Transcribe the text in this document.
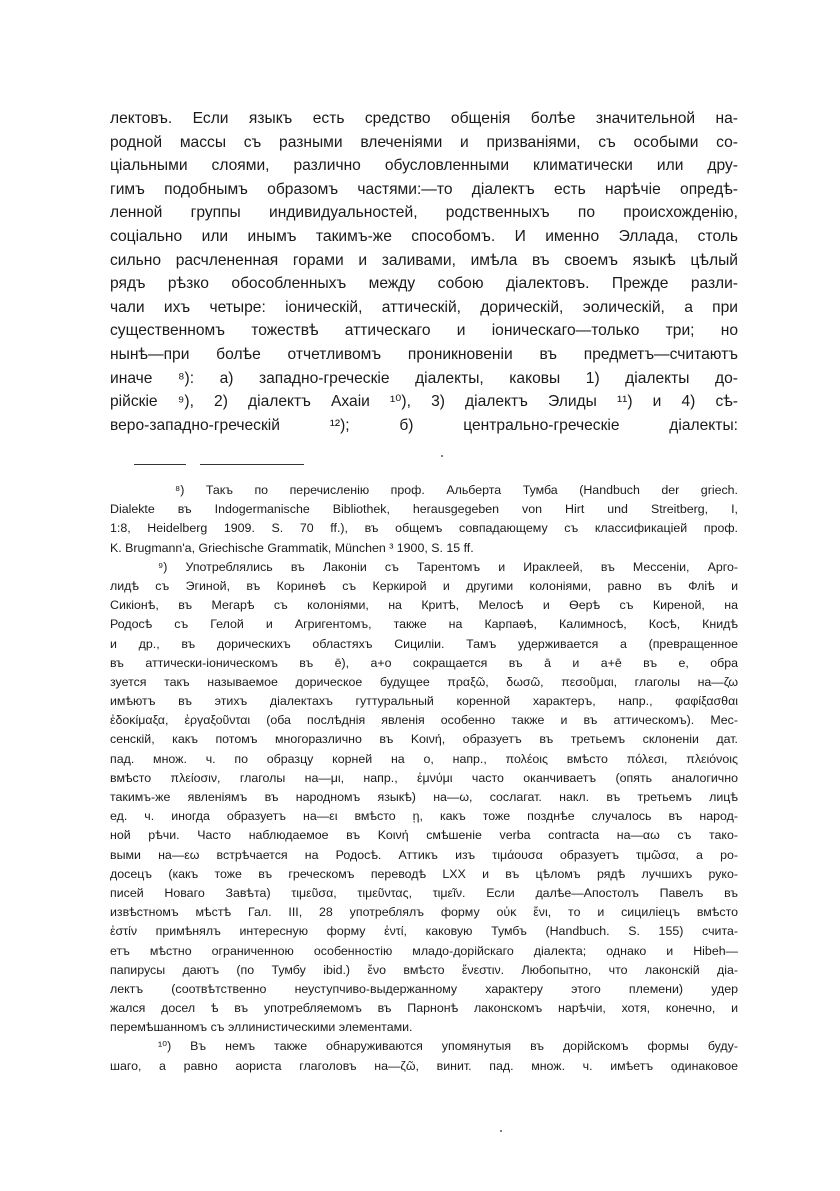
лектовъ. Если языкъ есть средство общенія болѣе значительной на-
родной массы съ разными влеченіями и призваніями, съ особыми со-
ціальными слоями, различно обусловленными климатически или дру-
гимъ подобнымъ образомъ частями:—то діалектъ есть нарѣчіе опредѣ-
ленной группы индивидуальностей, родственныхъ по происхожденію,
соціально или инымъ такимъ-же способомъ. И именно Эллада, столь
сильно расчлененная горами и заливами, имѣла въ своемъ языкѣ цѣлый
рядъ рѣзко обособленныхъ между собою діалектовъ. Прежде разли-
чали ихъ четыре: іоническій, аттическій, дорическій, эолическій, а при
существенномъ тожествѣ аттическаго и іоническаго—только три; но
нынѣ—при болѣе отчетливомъ проникновеніи въ предметъ—считаютъ
иначе ⁸): а) западно-греческіе діалекты, каковы 1) діалекты до-
рійскіе ⁹), 2) діалектъ Ахаіи ¹⁰), 3) діалектъ Элиды ¹¹) и 4) сѣ-
веро-западно-греческій ¹²); б) центрально-греческіе діалекты:
⁸) Такъ по перечисленію проф. Альберта Тумба (Handbuch der griech.
Dialekte въ Indogermanische Bibliothek, herausgegeben von Hirt und Streitberg, I,
1:8, Heidelberg 1909. S. 70 ff.), въ общемъ совпадающему съ классификацiей проф.
K. Brugmann'a, Griechische Grammatik, München ³ 1900, S. 15 ff.
⁹) Употреблялись въ Лаконіи съ Тарентомъ и Ираклеей, въ Мессеніи, Арго-
лидѣ съ Эгиной, въ Коринѳѣ съ Керкирой и другими колоніями, равно въ Флiѣ и
Сикіонѣ, въ Мегарѣ съ колоніями, на Критѣ, Мелосѣ и Ѳерѣ съ Киреной, на
Родосѣ съ Гелой и Агригентомъ, также на Карпаѳѣ, Калимносѣ, Косѣ, Книдѣ
и др., въ дорическихъ областяхъ Сициліи. Тамъ удерживается а (превращенное
въ аттически-іоническомъ въ ē), а+о сокращается въ ā и а+ē въ е, обра
зуется такъ называемое дорическое будущее πραξῶ, δωσῶ, πεσοῦμαι, глаголы на—ζω
имѣютъ въ этихъ діалектахъ гуттуральный коренной характеръ, напр., φαφίξασθαι
ἐδοκίμαξα, ἐργαξοῦνται (оба послѣднія явленія особенно также и въ аттическомъ). Мес-
сенскій, какъ потомъ многоразлично въ Κοινή, образуетъ въ третьемъ склоненіи дат.
пад. множ. ч. по образцу корней на ο, напр., πολέοις вмѣсто πόλεσι, πλειόνοις
вмѣсто πλείοσιν, глаголы на—μι, напр., ἐμνύμι часто оканчиваетъ (опять аналогично
такимъ-же явленіямъ въ народномъ языкѣ) на—ω, сослагат. накл. въ третьемъ лицѣ
ед. ч. иногда образуетъ на—ει вмѣсто ῃ, какъ тоже позднѣе случалось въ народ-
ной рѣчи. Часто наблюдаемое въ Κοινή смѣшеніе verba contracta на—αω съ тако-
выми на—εω встрѣчается на Родосѣ. Аттикъ изъ τιμάουσα образуетъ τιμῶσα, а ро-
досецъ (какъ тоже въ греческомъ переводѣ LXX и въ цѣломъ рядѣ лучшихъ руко-
писей Новаго Завѣта) τιμεῦσα, τιμεῦντας, τιμεῖν. Если далѣе—Апостолъ Павелъ въ
извѣстномъ мѣстѣ Гал. III, 28 употреблялъ форму οὐκ ἔνι, то и сицилiецъ вмѣсто
ἐστίν примѣнялъ интересную форму ἐντί, каковую Тумбъ (Handbuch. S. 155) счита-
етъ мѣстно ограниченною особенностію младо-дорійскаго діалекта; однако и Hibeh—
папирусы даютъ (по Тумбу ibid.) ἔνο вмѣсто ἔνεστιν. Любопытно, что лаконскій діа-
лектъ (соотвѣтственно неуступчиво-выдержанному характеру этого племени) удер
жался досел ѣ въ употребляемомъ въ Парнонѣ лаконскомъ нарѣчіи, хотя, конечно, и
перемѣшанномъ съ эллинистическими элементами.
¹⁰) Въ немъ также обнаруживаются упомянутыя въ дорійскомъ формы буду-
шаго, а равно аориста глаголовъ на—ζῶ, винит. пад. множ. ч. имѣетъ одинаковое
